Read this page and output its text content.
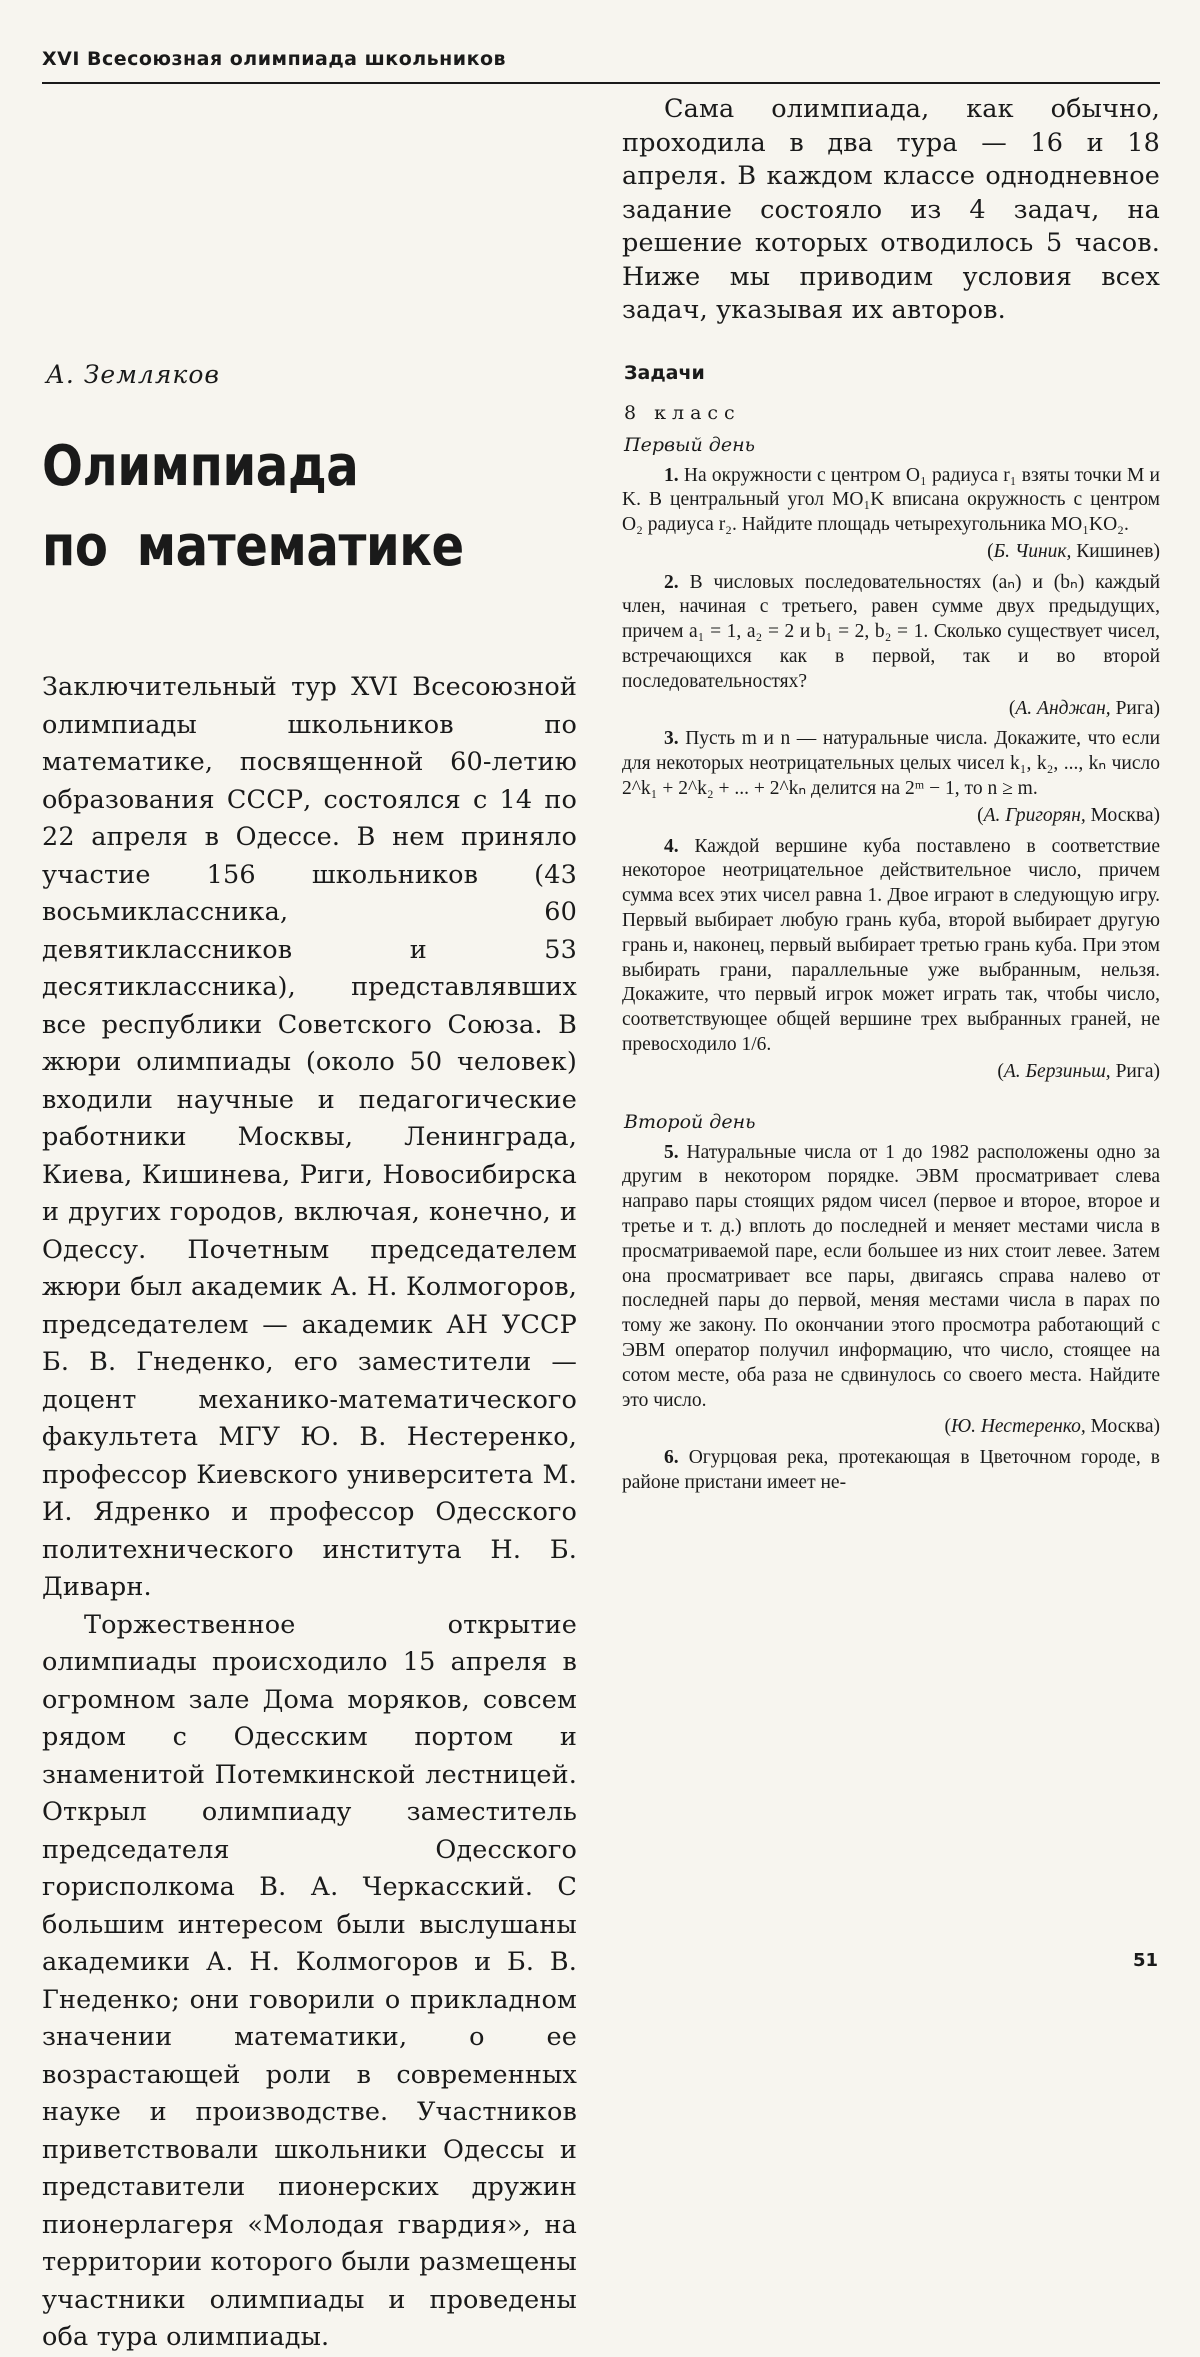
XVI Всесоюзная олимпиада школьников
А. Земляков
Олимпиада
по математике

Заключительный тур XVI Всесоюзной олимпиады школьников по математике, посвященной 60-летию образования СССР, состоялся с 14 по 22 апреля в Одессе. В нем приняло участие 156 школьников (43 восьмиклассника, 60 девятиклассников и 53 десятиклассника), представлявших все республики Советского Союза. В жюри олимпиады (около 50 человек) входили научные и педагогические работники Москвы, Ленинграда, Киева, Кишинева, Риги, Новосибирска и других городов, включая, конечно, и Одессу. Почетным председателем жюри был академик А. Н. Колмогоров, председателем — академик АН УССР Б. В. Гнеденко, его заместители — доцент механико-математического факультета МГУ Ю. В. Нестеренко, профессор Киевского университета М. И. Ядренко и профессор Одесского политехнического института Н. Б. Диварн.

Торжественное открытие олимпиады происходило 15 апреля в огромном зале Дома моряков, совсем рядом с Одесским портом и знаменитой Потемкинской лестницей. Открыл олимпиаду заместитель председателя Одесского горисполкома В. А. Черкасский. С большим интересом были выслушаны академики А. Н. Колмогоров и Б. В. Гнеденко; они говорили о прикладном значении математики, о ее возрастающей роли в современных науке и производстве. Участников приветствовали школьники Одессы и представители пионерских дружин пионерлагеря «Молодая гвардия», на территории которого были размещены участники олимпиады и проведены оба тура олимпиады.

Сама олимпиада, как обычно, проходила в два тура — 16 и 18 апреля. В каждом классе однодневное задание состояло из 4 задач, на решение которых отводилось 5 часов. Ниже мы приводим условия всех задач, указывая их авторов.

Задачи
8 класс
Первый день

1. На окружности с центром O₁ радиуса r₁ взяты точки M и K. В центральный угол MO₁K вписана окружность с центром O₂ радиуса r₂. Найдите площадь четырехугольника MO₁KO₂.

(Б. Чиник, Кишинев)

2. В числовых последовательностях (aₙ) и (bₙ) каждый член, начиная с третьего, равен сумме двух предыдущих, причем a₁ = 1, a₂ = 2 и b₁ = 2, b₂ = 1. Сколько существует чисел, встречающихся как в первой, так и во второй последовательностях?

(А. Анджан, Рига)

3. Пусть m и n — натуральные числа. Докажите, что если для некоторых неотрицательных целых чисел k₁, k₂, ..., kₙ число 2^k₁ + 2^k₂ + ... + 2^kₙ делится на 2ᵐ − 1, то n ≥ m.

(А. Григорян, Москва)

4. Каждой вершине куба поставлено в соответствие некоторое неотрицательное действительное число, причем сумма всех этих чисел равна 1. Двое играют в следующую игру. Первый выбирает любую грань куба, второй выбирает другую грань и, наконец, первый выбирает третью грань куба. При этом выбирать грани, параллельные уже выбранным, нельзя. Докажите, что первый игрок может играть так, чтобы число, соответствующее общей вершине трех выбранных граней, не превосходило 1/6.

(А. Берзиньш, Рига)
Второй день

5. Натуральные числа от 1 до 1982 расположены одно за другим в некотором порядке. ЭВМ просматривает слева направо пары стоящих рядом чисел (первое и второе, второе и третье и т. д.) вплоть до последней и меняет местами числа в просматриваемой паре, если большее из них стоит левее. Затем она просматривает все пары, двигаясь справа налево от последней пары до первой, меняя местами числа в парах по тому же закону. По окончании этого просмотра работающий с ЭВМ оператор получил информацию, что число, стоящее на сотом месте, оба раза не сдвинулось со своего места. Найдите это число.

(Ю. Нестеренко, Москва)

6. Огурцовая река, протекающая в Цветочном городе, в районе пристани имеет не-

51
